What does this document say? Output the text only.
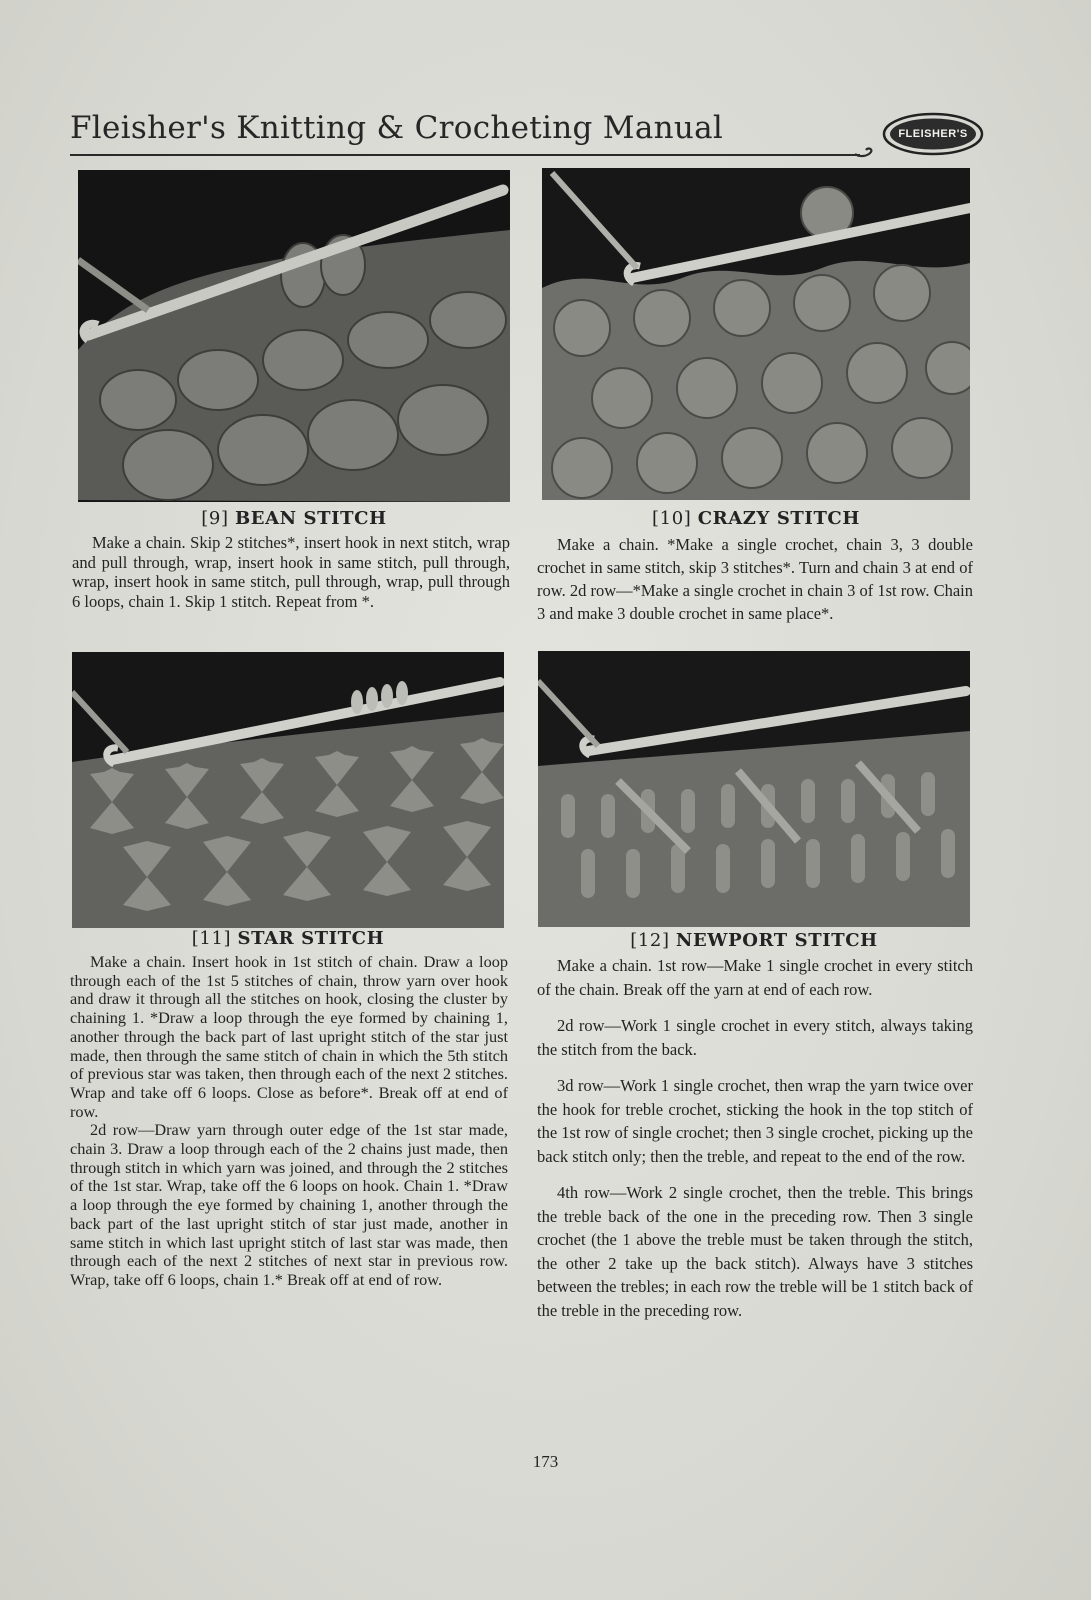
Fleisher's Knitting & Crocheting Manual	FLEISHER'S
[9] BEAN STITCH

Make a chain. Skip 2 stitches*, insert hook in next stitch, wrap and pull through, wrap, insert hook in same stitch, pull through, wrap, insert hook in same stitch, pull through, wrap, pull through 6 loops, chain 1. Skip 1 stitch. Repeat from *.

[10] CRAZY STITCH

Make a chain. *Make a single crochet, chain 3, 3 double crochet in same stitch, skip 3 stitches*. Turn and chain 3 at end of row. 2d row—*Make a single crochet in chain 3 of 1st row. Chain 3 and make 3 double crochet in same place*.

[11] STAR STITCH

Make a chain. Insert hook in 1st stitch of chain. Draw a loop through each of the 1st 5 stitches of chain, throw yarn over hook and draw it through all the stitches on hook, closing the cluster by chaining 1. *Draw a loop through the eye formed by chaining 1, another through the back part of last upright stitch of the star just made, then through the same stitch of chain in which the 5th stitch of previous star was taken, then through each of the next 2 stitches. Wrap and take off 6 loops. Close as before*. Break off at end of row.

2d row—Draw yarn through outer edge of the 1st star made, chain 3. Draw a loop through each of the 2 chains just made, then through stitch in which yarn was joined, and through the 2 stitches of the 1st star. Wrap, take off the 6 loops on hook. Chain 1. *Draw a loop through the eye formed by chaining 1, another through the back part of the last upright stitch of star just made, another in same stitch in which last upright stitch of last star was made, then through each of the next 2 stitches of next star in previous row. Wrap, take off 6 loops, chain 1.* Break off at end of row.

[12] NEWPORT STITCH

Make a chain. 1st row—Make 1 single crochet in every stitch of the chain. Break off the yarn at end of each row.

2d row—Work 1 single crochet in every stitch, always taking the stitch from the back.

3d row—Work 1 single crochet, then wrap the yarn twice over the hook for treble crochet, sticking the hook in the top stitch of the 1st row of single crochet; then 3 single crochet, picking up the back stitch only; then the treble, and repeat to the end of the row.

4th row—Work 2 single crochet, then the treble. This brings the treble back of the one in the preceding row. Then 3 single crochet (the 1 above the treble must be taken through the stitch, the other 2 take up the back stitch). Always have 3 stitches between the trebles; in each row the treble will be 1 stitch back of the treble in the preceding row.

173
